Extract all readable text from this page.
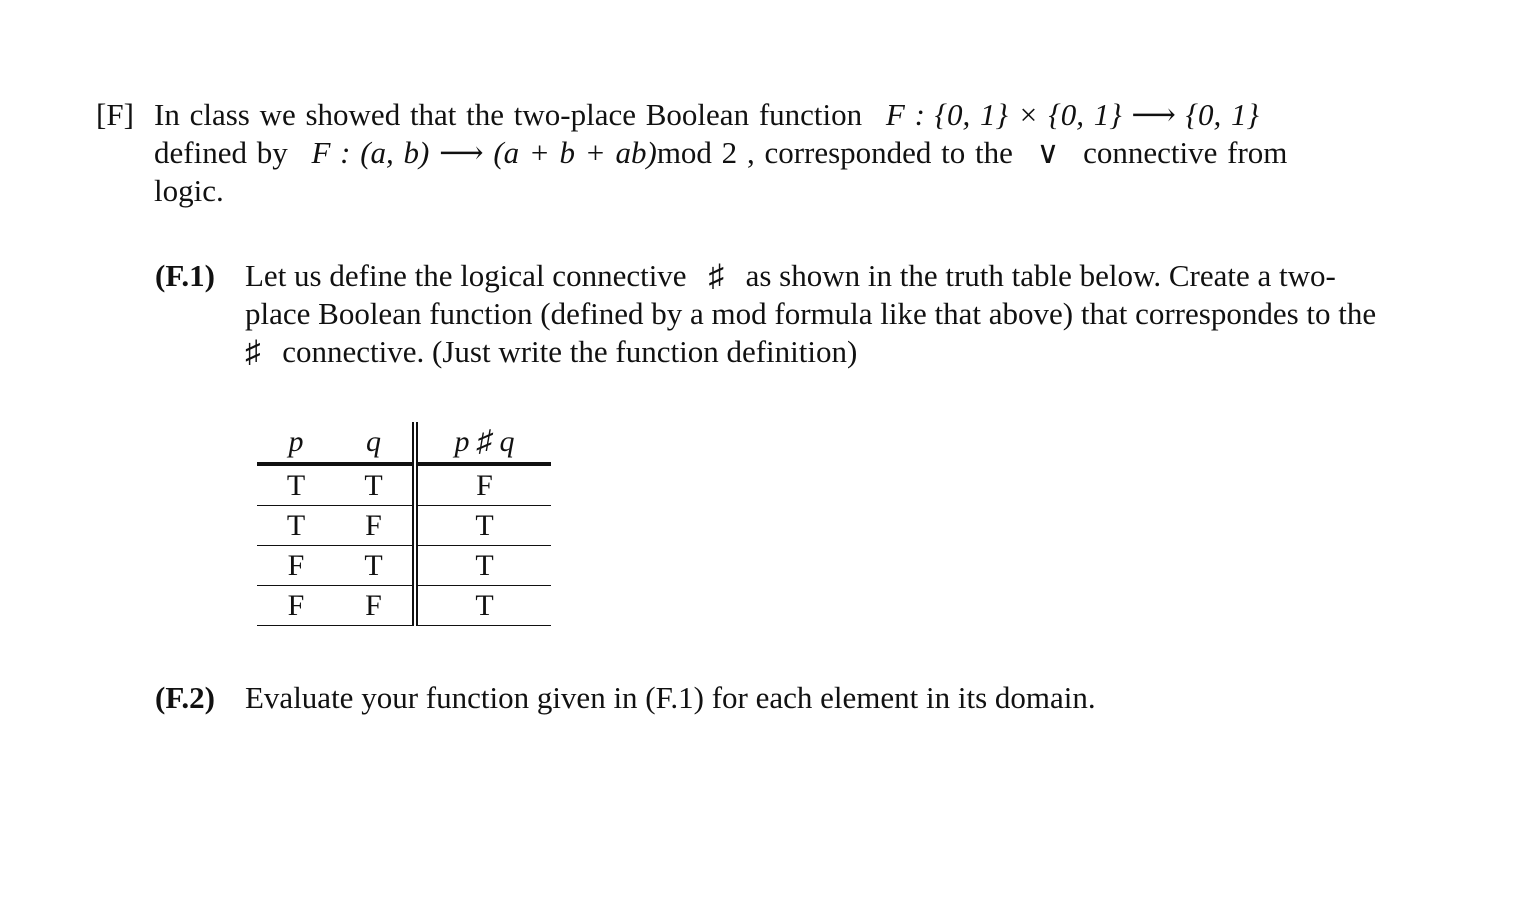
[F] In class we showed that the two-place Boolean function F : {0, 1} × {0, 1} ⟶ {0, 1}
defined by F : (a, b) ⟶ (a + b + ab)mod 2 , corresponded to the ∨ connective from
logic.
(F.1) Let us define the logical connective ♯ as shown in the truth table below. Create a two-place Boolean function (defined by a mod formula like that above) that correspondes to the ♯ connective. (Just write the function definition)
p	q	p ♯ q
T	T	F
T	F	T
F	T	T
F	F	T
(F.2) Evaluate your function given in (F.1) for each element in its domain.
